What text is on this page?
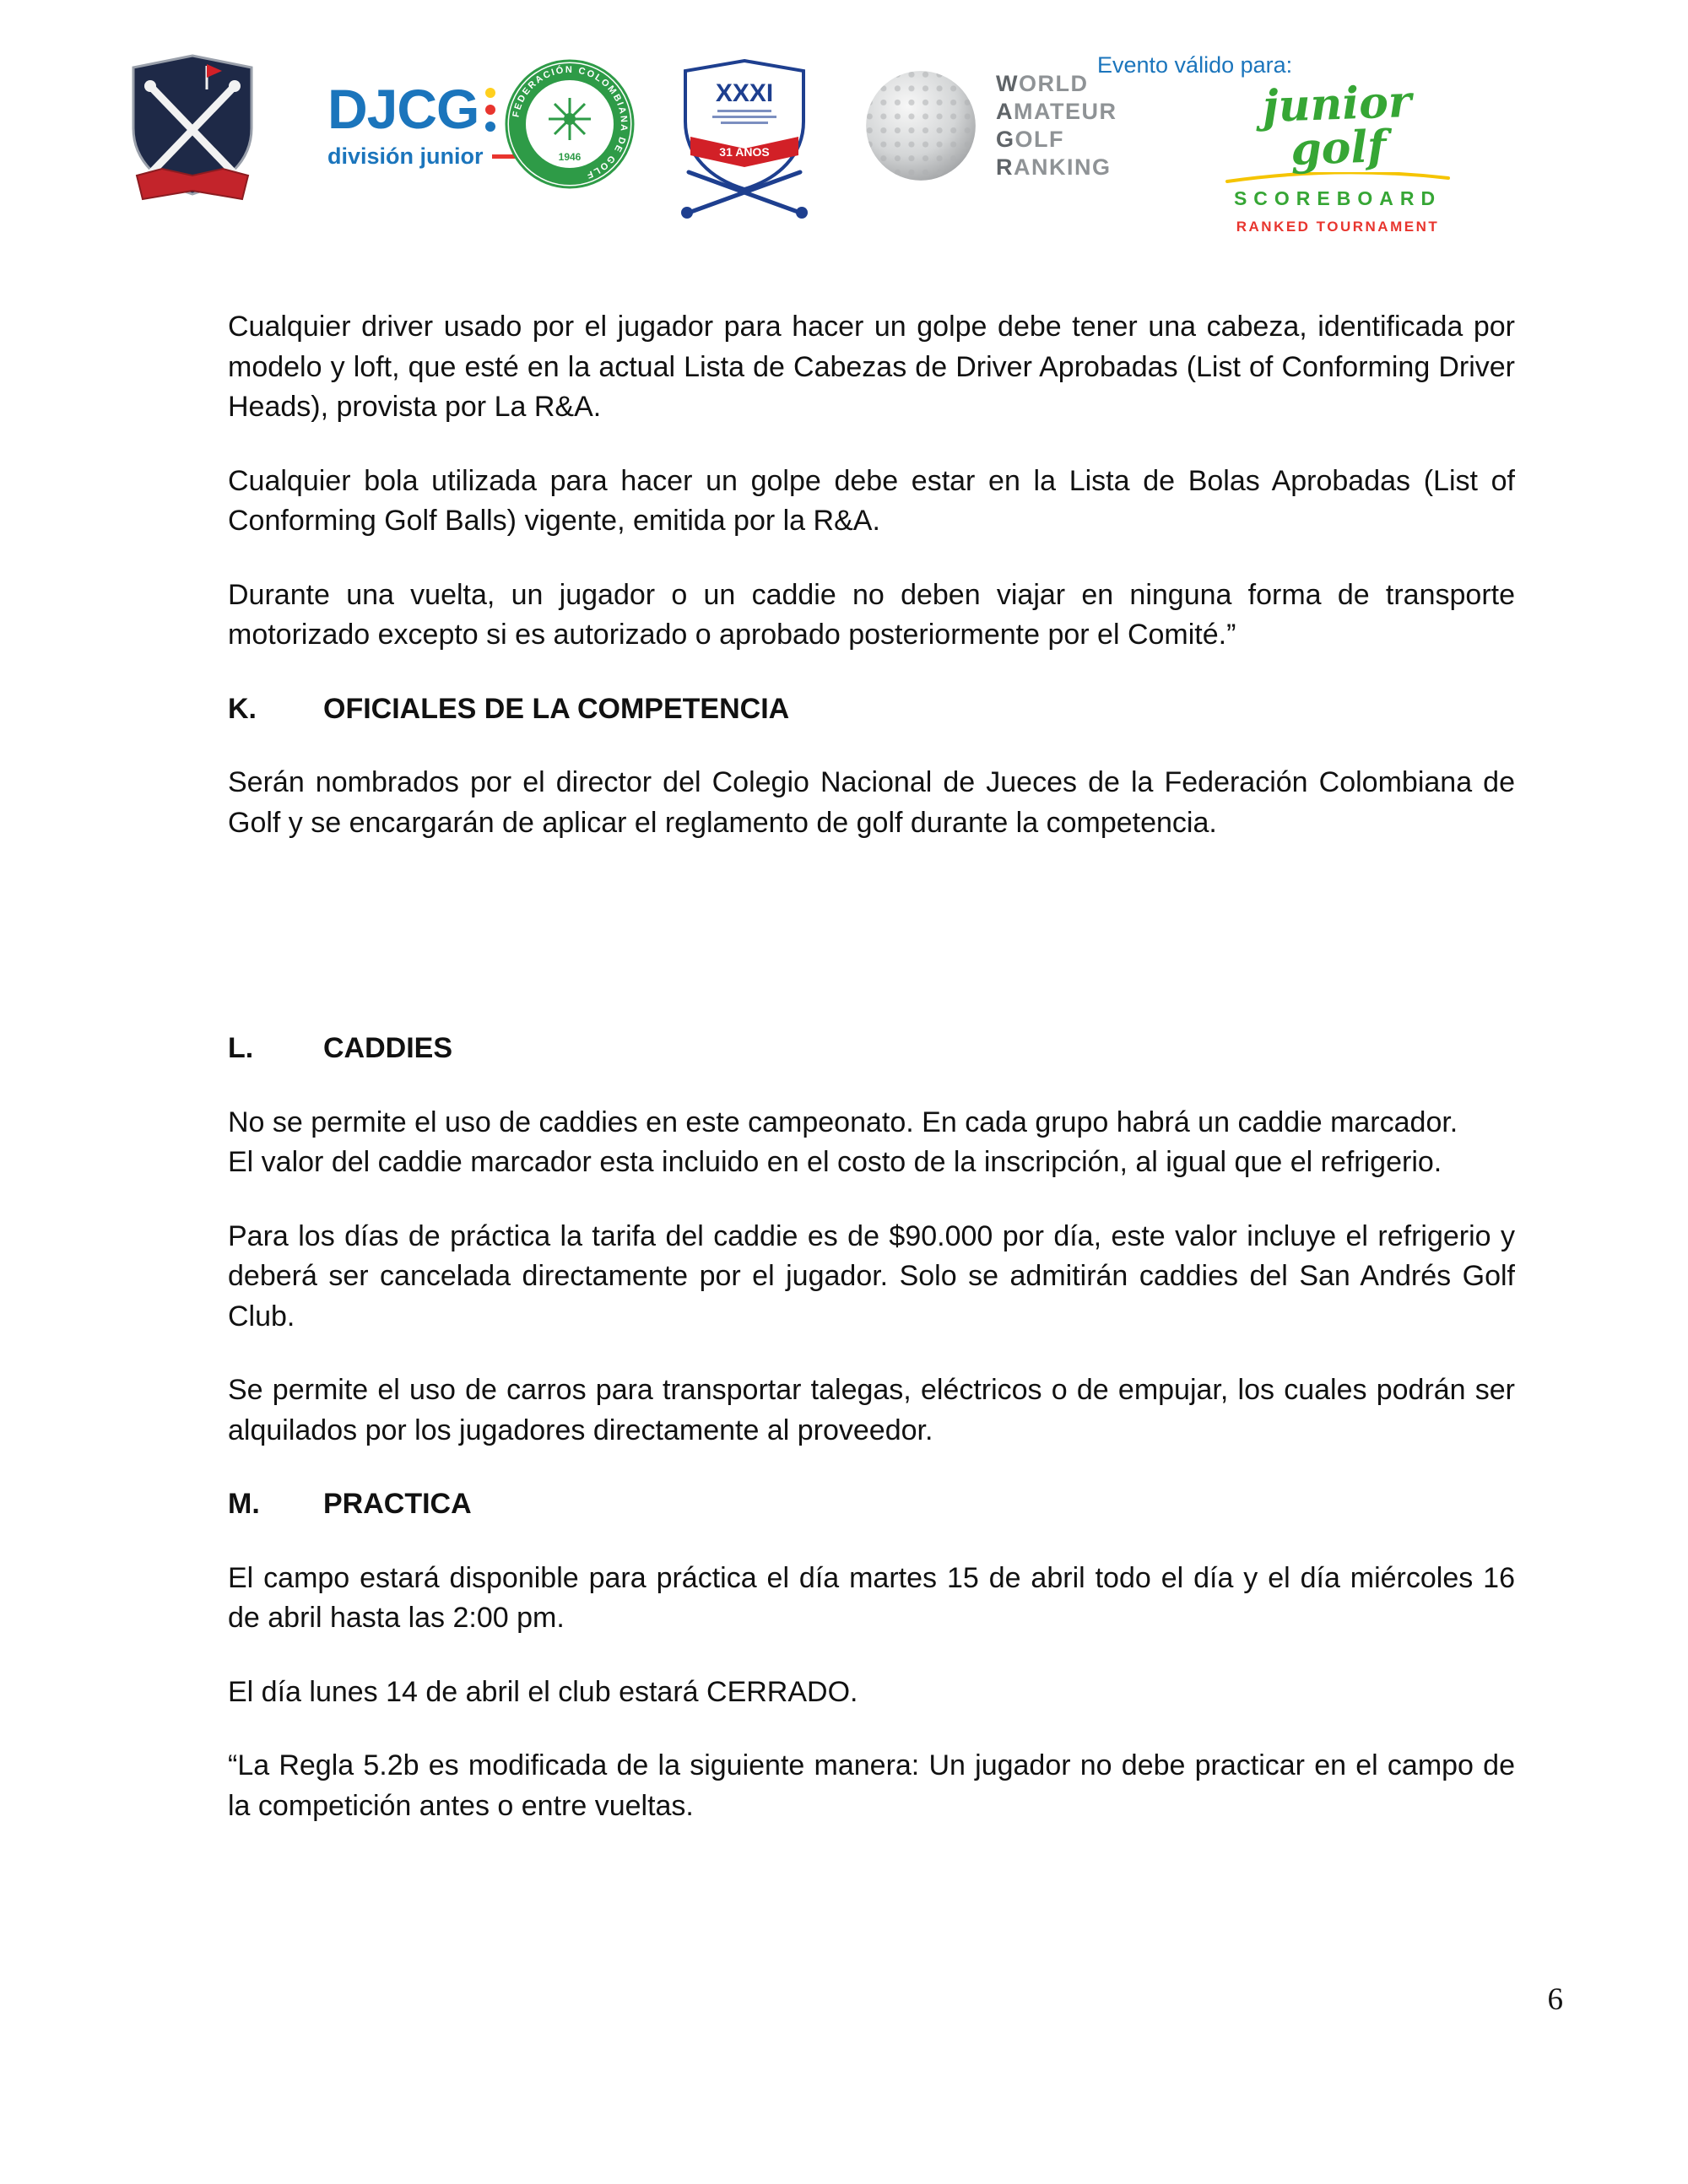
DJCG
división junior
FEDERACIÓN COLOMBIANA DE GOLF
1946
XXXI
31 AÑOS
WORLD
AMATEUR
GOLF
RANKING
Evento válido para:
junior golf
SCOREBOARD
RANKED TOURNAMENT

Cualquier driver usado por el jugador para hacer un golpe debe tener una cabeza, identificada por modelo y loft, que esté en la actual Lista de Cabezas de Driver Aprobadas (List of Conforming Driver Heads), provista por La R&A.

Cualquier bola utilizada para hacer un golpe debe estar en la Lista de Bolas Aprobadas (List of Conforming Golf Balls) vigente, emitida por la R&A.

Durante una vuelta, un jugador o un caddie no deben viajar en ninguna forma de transporte motorizado excepto si es autorizado o aprobado posteriormente por el Comité.”

K.	OFICIALES DE LA COMPETENCIA

Serán nombrados por el director del Colegio Nacional de Jueces de la Federación Colombiana de Golf y se encargarán de aplicar el reglamento de golf durante la competencia.

L.	CADDIES

No se permite el uso de caddies en este campeonato. En cada grupo habrá un caddie marcador.

El valor del caddie marcador esta incluido en el costo de la inscripción, al igual que el refrigerio.

Para los días de práctica la tarifa del caddie es de $90.000 por día, este valor incluye el refrigerio y deberá ser cancelada directamente por el jugador. Solo se admitirán caddies del San Andrés Golf Club.

Se permite el uso de carros para transportar talegas, eléctricos o de empujar, los cuales podrán ser alquilados por los jugadores directamente al proveedor.

M.	PRACTICA

El campo estará disponible para práctica el día martes 15 de abril todo el día y el día miércoles 16 de abril hasta las 2:00 pm.

El día lunes 14 de abril el club estará CERRADO.

“La Regla 5.2b es modificada de la siguiente manera: Un jugador no debe practicar en el campo de la competición antes o entre vueltas.

6
